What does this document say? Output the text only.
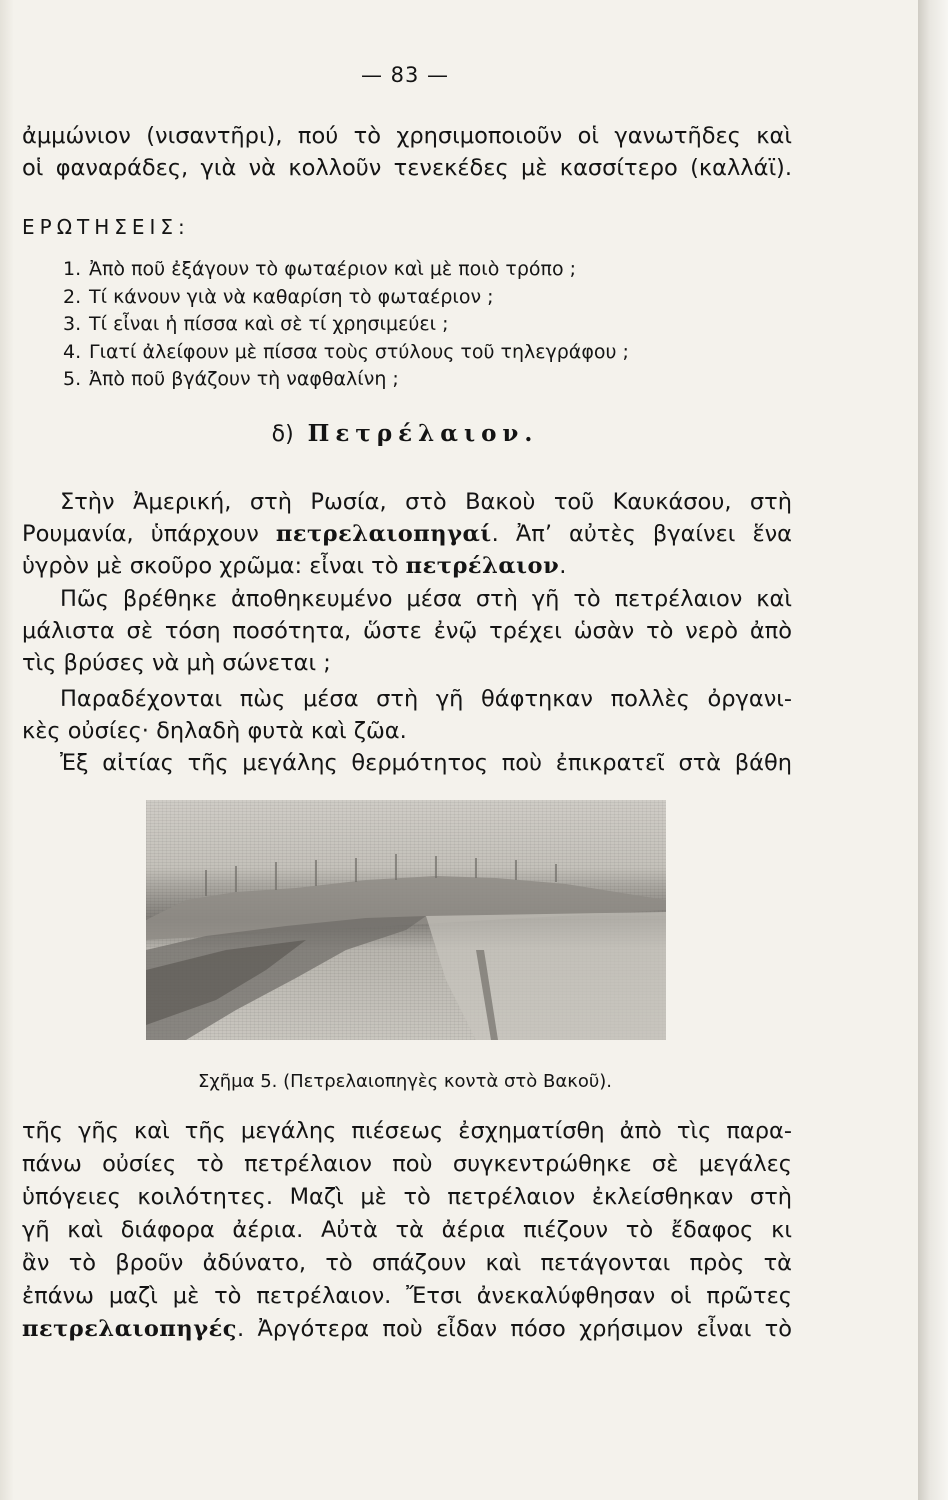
— 83 —
ἀμμώνιον (νισαντῆρι), πού τὸ χρησιμοποιοῦν οἱ γανωτῆδες καὶ
οἱ φαναράδες, γιὰ νὰ κολλοῦν τενεκέδες μὲ κασσίτερο (καλλάϊ).
ΕΡΩΤΗΣΕΙΣ:
1. Ἀπὸ ποῦ ἐξάγουν τὸ φωταέριον καὶ μὲ ποιὸ τρόπο ;
2. Τί κάνουν γιὰ νὰ καθαρίση τὸ φωταέριον ;
3. Τί εἶναι ἡ πίσσα καὶ σὲ τί χρησιμεύει ;
4. Γιατί ἀλείφουν μὲ πίσσα τοὺς στύλους τοῦ τηλεγράφου ;
5. Ἀπὸ ποῦ βγάζουν τὴ ναφθαλίνη ;
δ) Πετρέλαιον.
Στὴν Ἀμερική, στὴ Ρωσία, στὸ Βακοὺ τοῦ Καυκάσου, στὴ
Ρουμανία, ὑπάρχουν πετρελαιοπηγαί. Ἀπ’ αὐτὲς βγαίνει ἕνα
ὑγρὸν μὲ σκοῦρο χρῶμα: εἶναι τὸ πετρέλαιον.
Πῶς βρέθηκε ἀποθηκευμένο μέσα στὴ γῆ τὸ πετρέλαιον καὶ
μάλιστα σὲ τόση ποσότητα, ὥστε ἐνῷ τρέχει ὡσὰν τὸ νερὸ ἀπὸ
τὶς βρύσες νὰ μὴ σώνεται ;
Παραδέχονται πὼς μέσα στὴ γῆ θάφτηκαν πολλὲς ὀργανι-
κὲς οὐσίες· δηλαδὴ φυτὰ καὶ ζῶα.
Ἐξ αἰτίας τῆς μεγάλης θερμότητος ποὺ ἐπικρατεῖ στὰ βάθη
Σχῆμα 5. (Πετρελαιοπηγὲς κοντὰ στὸ Βακοῦ).
τῆς γῆς καὶ τῆς μεγάλης πιέσεως ἐσχηματίσθη ἀπὸ τὶς παρα-
πάνω οὐσίες τὸ πετρέλαιον ποὺ συγκεντρώθηκε σὲ μεγάλες
ὑπόγειες κοιλότητες. Μαζὶ μὲ τὸ πετρέλαιον ἐκλείσθηκαν στὴ
γῆ καὶ διάφορα ἀέρια. Αὐτὰ τὰ ἀέρια πιέζουν τὸ ἔδαφος κι
ἂν τὸ βροῦν ἀδύνατο, τὸ σπάζουν καὶ πετάγονται πρὸς τὰ
ἐπάνω μαζὶ μὲ τὸ πετρέλαιον. Ἔτσι ἀνεκαλύφθησαν οἱ πρῶτες
πετρελαιοπηγές. Ἀργότερα ποὺ εἶδαν πόσο χρήσιμον εἶναι τὸ
